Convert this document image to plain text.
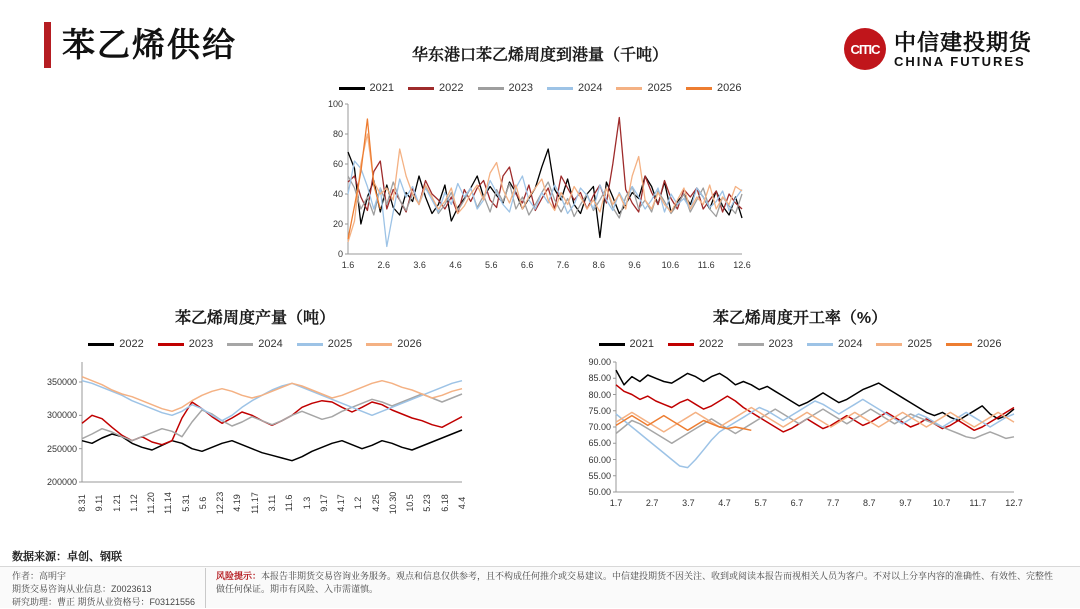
苯乙烯供给	华东港口苯乙烯周度到港量（千吨）	CITIC 中信建投期货
CHINA FUTURES
2021	2022	2023	2024	2025	2026
0
20
40
60
80
100
1.6	2.6	3.6	4.6	5.6	6.6	7.6	8.6	9.6 10.6 11.6 12.6
苯乙烯周度产量（吨）
2022	2023	2024	2025	2026
200000
250000
300000
350000
8.31 9.11 1.21 1.12 11.20 11.14 5.31 5.6 12.23 4.19 11.17 3.11 11.6 1.3 9.17 4.17 1.2 4.25 10.30 10.5 5.23 6.18 4.4
苯乙烯周度开工率（%）
2021	2022	2023	2024	2025	2026
50.00
55.00
60.00
65.00
70.00
75.00
80.00
85.00
90.00
1.7	2.7	3.7	4.7	5.7	6.7	7.7	8.7	9.7 10.7 11.7 12.7
数据来源：卓创、钢联
作者：高明宇
期货交易咨询从业信息：Z0023613
研究助理：曹正 期货从业资格号：F03121556
风险提示：本报告非期货交易咨询业务服务。观点和信息仅供参考，且不构成任何推介或交易建议。中信建投期货不因关注、收到或阅读本报告而视相关人员为客户。不对以上分享内容的准确性、有效性、完整性做任何保证。期市有风险、入市需谨慎。
